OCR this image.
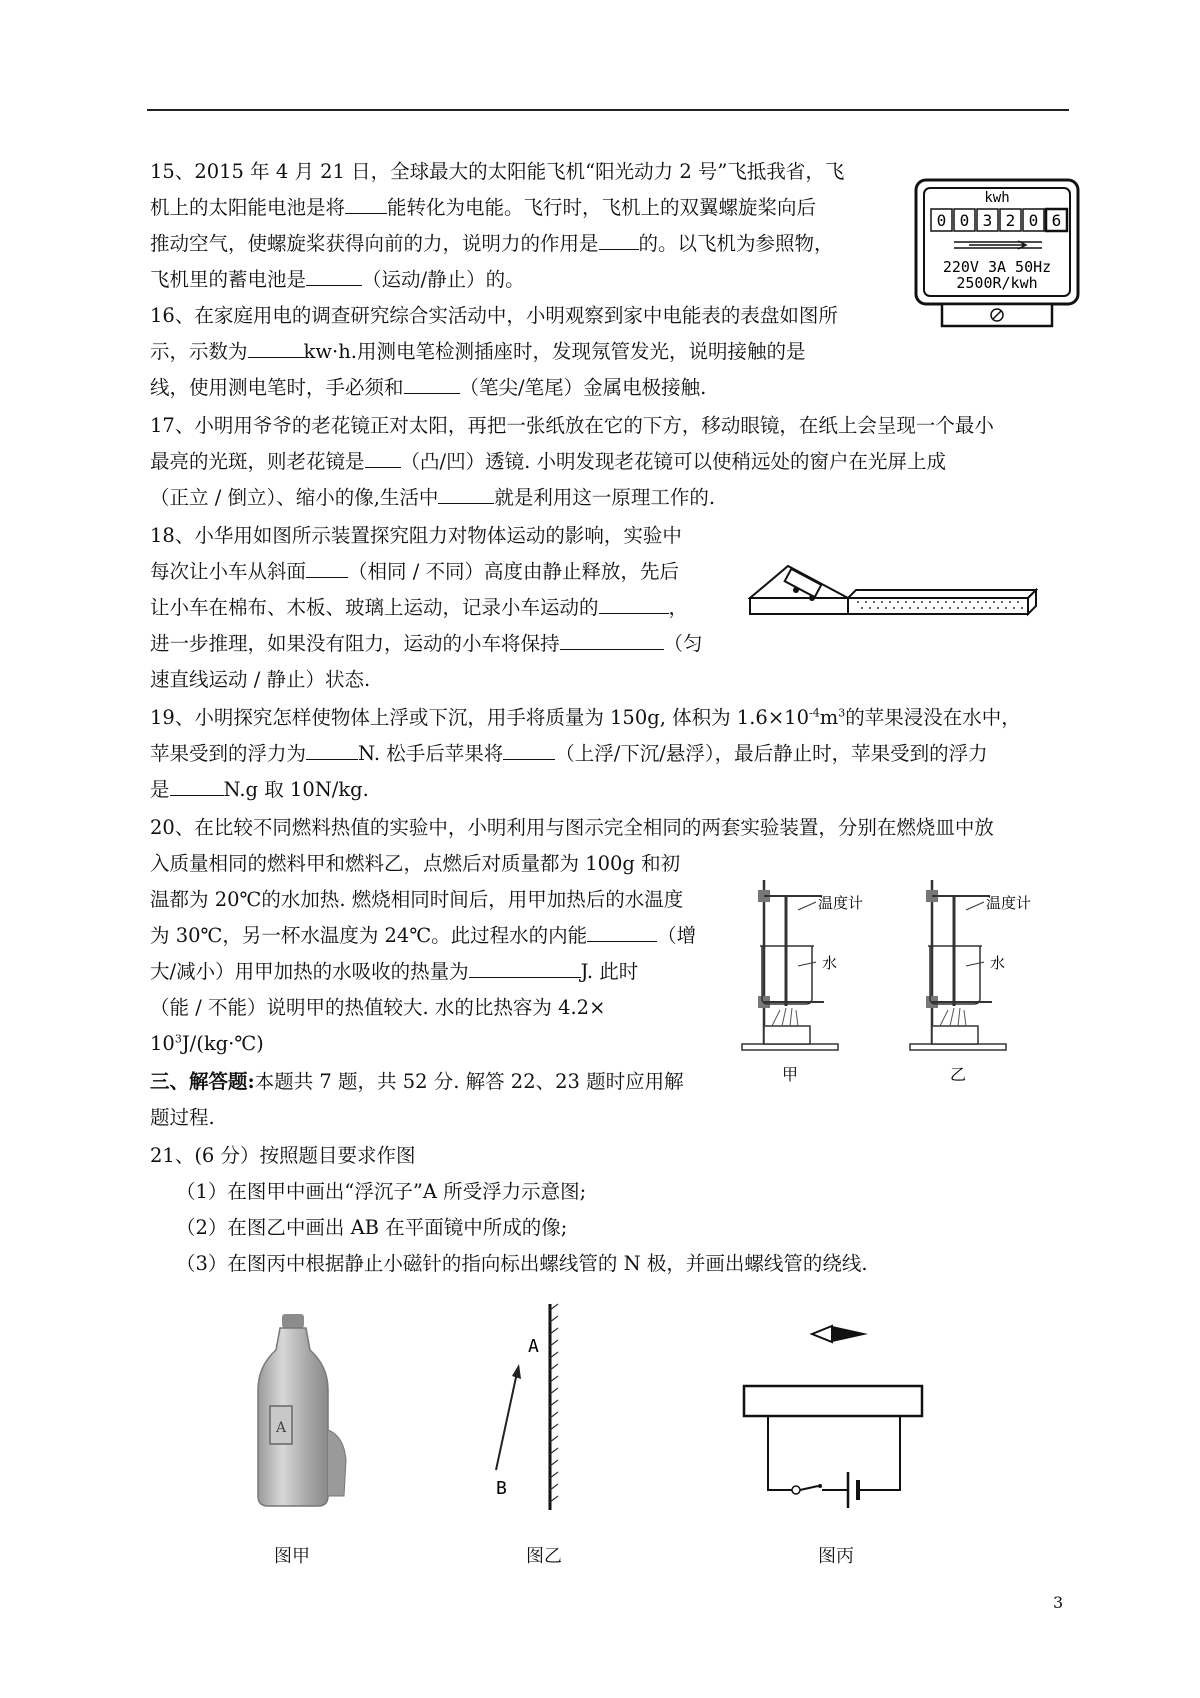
15、2015 年 4 月 21 日，全球最大的太阳能飞机“阳光动力 2 号”飞抵我省，飞
机上的太阳能电池是将 能转化为电能。飞行时，飞机上的双翼螺旋桨向后
推动空气，使螺旋桨获得向前的力，说明力的作用是 的。以飞机为参照物，
飞机里的蓄电池是	（运动/静止）的。
kwh
0 0 3 2 0 6
220V 3A 50Hz
2500R/kwh
16、在家庭用电的调查研究综合实活动中，小明观察到家中电能表的表盘如图所
示，示数为	kw·h.用测电笔检测插座时，发现氖管发光，说明接触的是
线，使用测电笔时，手必须和	（笔尖/笔尾）金属电极接触.
17、小明用爷爷的老花镜正对太阳，再把一张纸放在它的下方，移动眼镜，在纸上会呈现一个最小
最亮的光斑，则老花镜是 （凸/凹）透镜. 小明发现老花镜可以使稍远处的窗户在光屏上成
（正立 / 倒立）、缩小的像,生活中	就是利用这一原理工作的.
18、小华用如图所示装置探究阻力对物体运动的影响，实验中
每次让小车从斜面 （相同 / 不同）高度由静止释放，先后
让小车在棉布、木板、玻璃上运动，记录小车运动的	，
进一步推理，如果没有阻力，运动的小车将保持	（匀
速直线运动 / 静止）状态.
19、小明探究怎样使物体上浮或下沉，用手将质量为 150g, 体积为 $1.6\times 10^{-4}m^3$的苹果浸没在水中，
苹果受到的浮力为	N. 松手后苹果将	（上浮/下沉/悬浮），最后静止时，苹果受到的浮力
是	N.g 取 10N/kg.
20、在比较不同燃料热值的实验中，小明利用与图示完全相同的两套实验装置，分别在燃烧皿中放
入质量相同的燃料甲和燃料乙，点燃后对质量都为 100g 和初
温都为 20℃的水加热. 燃烧相同时间后，用甲加热后的水温度
为 30℃，另一杯水温度为 24℃。此过程水的内能	（增
大/减小）用甲加热的水吸收的热量为	J. 此时
（能 / 不能）说明甲的热值较大. 水的比热容为 4.2×
$10^3J/(kg\cdot℃)$
温度计
水
甲
温度计
水
乙
三、解答题:本题共 7 题，共 52 分. 解答 22、23 题时应用解
题过程.
21、(6 分）按照题目要求作图
（1）在图甲中画出“浮沉子”A 所受浮力示意图;
（2）在图乙中画出 AB 在平面镜中所成的像;
（3）在图丙中根据静止小磁针的指向标出螺线管的 N 极，并画出螺线管的绕线.
A
图甲
A
B
图乙	图丙
3
